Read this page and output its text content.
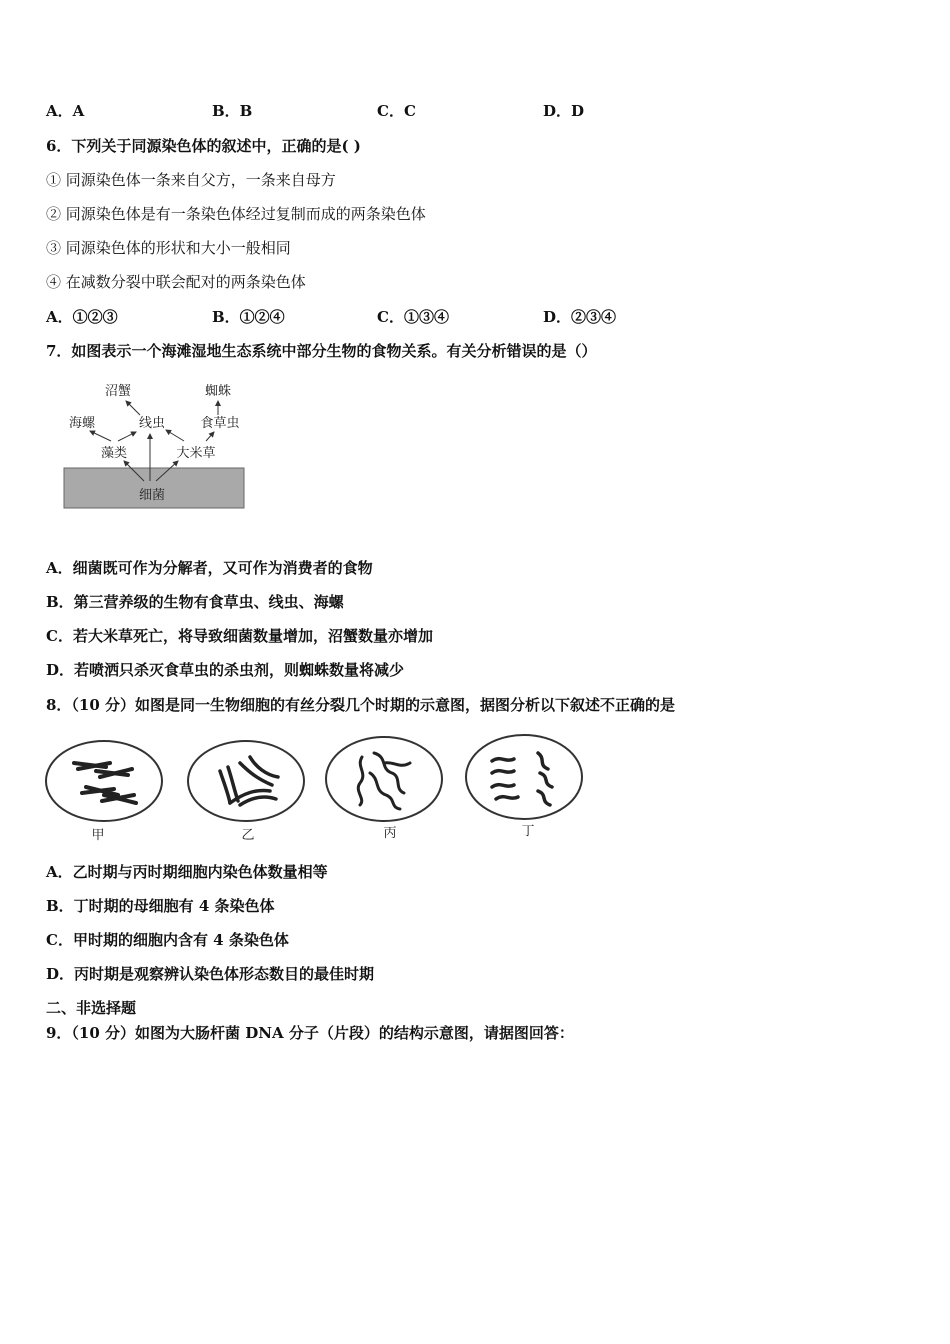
A．A	B．B	C．C	D．D
6．下列关于同源染色体的叙述中，正确的是( )
① 同源染色体一条来自父方，一条来自母方
② 同源染色体是有一条染色体经过复制而成的两条染色体
③ 同源染色体的形状和大小一般相同
④ 在减数分裂中联会配对的两条染色体
A．①②③	B．①②④	C．①③④	D．②③④
7．如图表示一个海滩湿地生态系统中部分生物的食物关系。有关分析错误的是（）
沼蟹	蜘蛛
海螺	线虫	食草虫
藻类	大米草
细菌
A．细菌既可作为分解者，又可作为消费者的食物
B．第三营养级的生物有食草虫、线虫、海螺
C．若大米草死亡，将导致细菌数量增加，沼蟹数量亦增加
D．若喷洒只杀灭食草虫的杀虫剂，则蜘蛛数量将减少
8．（10 分）如图是同一生物细胞的有丝分裂几个时期的示意图，据图分析以下叙述不正确的是
甲	乙	丙	丁
A．乙时期与丙时期细胞内染色体数量相等
B．丁时期的母细胞有 4 条染色体
C．甲时期的细胞内含有 4 条染色体
D．丙时期是观察辨认染色体形态数目的最佳时期
二、非选择题
9．（10 分）如图为大肠杆菌 DNA 分子（片段）的结构示意图，请据图回答：
